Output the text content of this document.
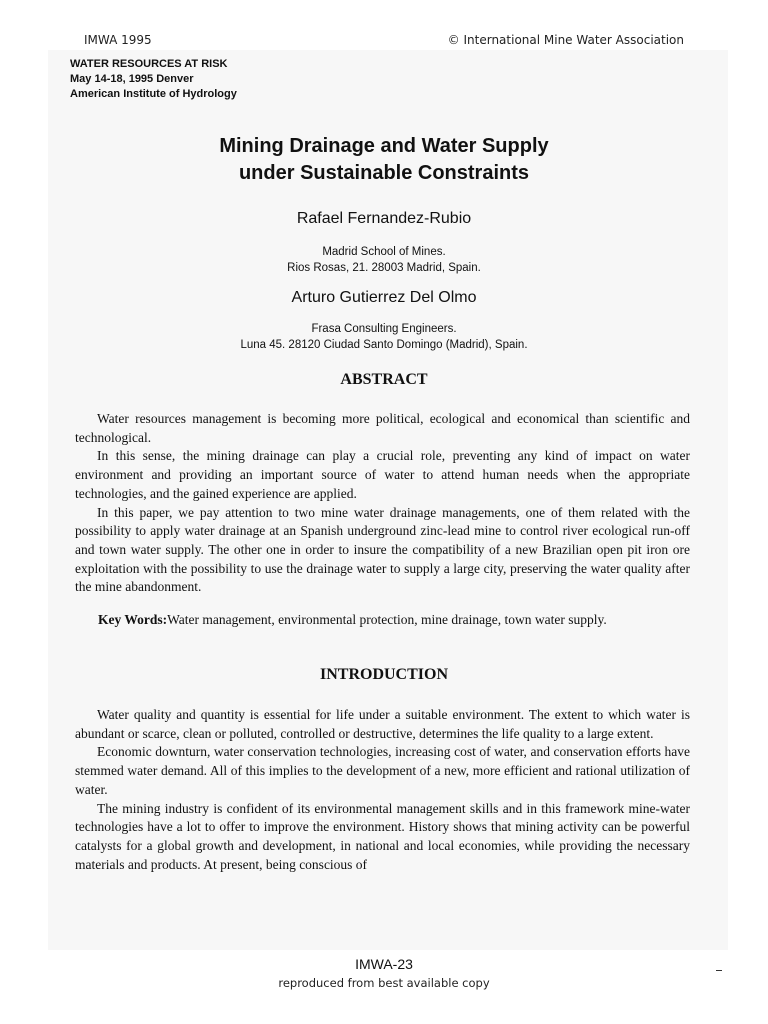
IMWA 1995	© International Mine Water Association
WATER RESOURCES AT RISK
May 14-18, 1995 Denver
American Institute of Hydrology
Mining Drainage and Water Supply
under Sustainable Constraints
Rafael Fernandez-Rubio
Madrid School of Mines.
Rios Rosas, 21. 28003 Madrid, Spain.
Arturo Gutierrez Del Olmo
Frasa Consulting Engineers.
Luna 45. 28120 Ciudad Santo Domingo (Madrid), Spain.
ABSTRACT

Water resources management is becoming more political, ecological and economical than scientific and technological.

In this sense, the mining drainage can play a crucial role, preventing any kind of impact on water environment and providing an important source of water to attend human needs when the appropriate technologies, and the gained experience are applied.

In this paper, we pay attention to two mine water drainage managements, one of them related with the possibility to apply water drainage at an Spanish underground zinc-lead mine to control river ecological run-off and town water supply. The other one in order to insure the compatibility of a new Brazilian open pit iron ore exploitation with the possibility to use the drainage water to supply a large city, preserving the water quality after the mine abandonment.

Key Words:Water management, environmental protection, mine drainage, town water supply.
INTRODUCTION

Water quality and quantity is essential for life under a suitable environment. The extent to which water is abundant or scarce, clean or polluted, controlled or destructive, determines the life quality to a large extent.

Economic downturn, water conservation technologies, increasing cost of water, and conservation efforts have stemmed water demand. All of this implies to the development of a new, more efficient and rational utilization of water.

The mining industry is confident of its environmental management skills and in this framework mine-water technologies have a lot to offer to improve the environment. History shows that mining activity can be powerful catalysts for a global growth and development, in national and local economies, while providing the necessary materials and products. At present, being conscious of

IMWA-23
reproduced from best available copy
